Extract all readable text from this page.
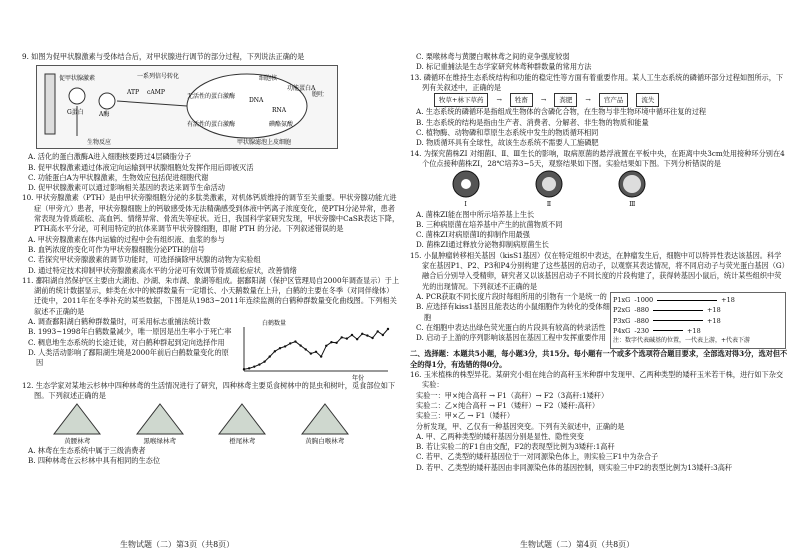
9. 如图为促甲状腺激素与受体结合后，对甲状腺进行调节的部分过程，下列说法正确的是

促甲状腺激素
G蛋白	A酶
ATP cAMP
细胞核
无活性的蛋白激酶
有活性的蛋白激酶
生物反应
RNA
DNA
一系列信号转化
甲状腺滤泡上皮细胞
碘酪氨酸
胞吐
功能蛋白A

A. 活化的蛋白激酶A进入细胞核要跨过4层磷脂分子

B. 促甲状腺激素通过体液定向运输到甲状腺细胞处发挥作用后即被灭活

C. 功能蛋白A为甲状腺激素，生物效应包括促进细胞代谢

D. 促甲状腺激素可以通过影响相关基因的表达来调节生命活动

10. 甲状旁腺激素（PTH）是由甲状旁腺细胞分泌的多肽类激素，对机体钙质维持的调节至关重要。甲状旁腺功能亢进症（甲旁亢）患者，甲状旁腺细胞上的钙敏感受体无法精确感受到体液中钙离子浓度变化，使PTH分泌异常，患者常表现为骨质疏松、高血钙、情绪异常、骨流失等症状。近日，我国科学家研究发现，甲状旁腺中CaSR表达下降，PTH高水平分泌，可利用特定的抗体来调节甲状旁腺细胞，即耐 PTH 的分泌。下列叙述错误的是

A. 甲状旁腺激素在体内运输的过程中会有组织液、血浆的参与

B. 血钙浓度的变化可作为甲状旁腺细胞分泌PTH的信号

C. 若探究甲状旁腺激素的调节功能时，可选择摘除甲状腺的动物为实验组

D. 通过特定技术抑制甲状旁腺激素高水平的分泌可有效调节骨质疏松症状，改善情绪

11. 鄱阳湖自然保护区主要由大湖池、沙湖、朱市湖、象湖等组成。据鄱阳湖（保护区管理局自2000年调查显示）于上湖前的统计数据显示，蚌类在水中的候群数量有一定增长、小天鹅数量在上升，白鹤的主要在冬季（对同伴缘体）迁徙中，2011年在冬季补充的某些数据，下图是从1983~2011年连续监测的白鹤种群数量变化曲线图。下列相关叙述不正确的是

A. 调查鄱阳湖白鹤种群数量时，可采用标志重捕法统计数

B. 1993~1998年白鹤数量减少，唯一原因是出生率小于死亡率

C. 稠息地生态系统的长途迁徙，对白鹤种群起到定向选择作用

D. 人类活动影响了鄱阳湖生境是2000年前后白鹤数量变化的原因

白鹤数量
年份

12. 生态学家对某地云杉林中四种林鸢的生活情况进行了研究，四种林鸢主要觅食树林中的昆虫和树叶，觅食部位如下图。下列叙述正确的是

黄腰林鸢	黑喉绿林鸢	橙尾林鸢	黄胸白喉林鸢

A. 林鸢在生态系统中属于三级消费者

B. 四种林鸢在云杉林中具有相同的生态位

C. 栗喉林鸢与黄腰白喉林鸢之间的竞争强度较弱

D. 标记重捕法是生态学家研究林鸢种群数量的常用方法

13. 磷循环在维持生态系统结构和功能的稳定性等方面有着重要作用。某人工生态系统的磷循环部分过程如图所示，下列有关叙述中，正确的是

牧草+林下草药	→	牲畜	→	粪肥	→	官产品	流失

A. 生态系统的磷循环是指组成生物体的含磷化合物，在生物与非生物环境中循环往复的过程

B. 生态系统的结构是指由生产者、消费者、分解者、非生物的物质和能量

C. 植物酶、动物磷和草原生态系统中发生的物质循环相同

D. 物质循环具有全球性，故该生态系统不需要人工施磷肥

14. 为探究菌株ZI 对细菌Ⅰ、Ⅱ、Ⅲ生长的影响，取病原菌的悬浮液置在平板中央，在距离中央3cm处用接种环分别在4个位点接种菌株ZI，28℃培养3~5天，观察结果如下图。实验结果如下图。下列分析错误的是

Ⅰ	Ⅱ	Ⅲ

A. 菌株ZI能在图中所示培养基上生长

B. 三种病原菌在培养基中产生的抗菌物质不同

C. 菌株ZI对病原菌Ⅰ的抑制作用最强

D. 菌株ZI通过释放分泌物抑制病原菌生长

15. 小鼠肿瘤转移相关基因（kisS1基因）仅在特定组织中表达，在肿瘤发生后，细胞中可以特异性表达该基因。科学家在基因P1、P2、P3和P4分别构建了这些基因的启动子，以观察其表达情况，将不同启动子与荧光蛋白基因（G）融合后分别导入受精卵，研究者又以该基因启动子不同长度的片段构建了，获得转基因小鼠后，统计某些组织中荧光的出现情况。下列叙述不正确的是

A. PCR获取不同长度片段时每组所用的引物有一个是统一的

B. 应选择有kiss1基因且能表达的小鼠细胞作为转化的受体细胞

C. 在细胞中表达出绿色荧光蛋白的片段具有较高的转录活性

D. 启动子上游的序列影响该基因在基因工程中发挥重要作用

P1xG -1000	+18
P2xG -880	+18
P3xG -880	+18
P4xG -230	+18
注：数字代表碱基的位置，一代表上游，+代表下游

二、选择题：本题共5小题，每小题3分，共15分。每小题有一个或多个选项符合题目要求，全部选对得3分，选对但不全的得1分，有选错的得0分。

16. 玉米植株的株型异花。某研究小组在纯合的高秆玉米种群中发现甲、乙两种类型的矮秆玉米若干株，进行如下杂交实验：

实验一：甲×纯合高秆 → F1（高秆）→ F2（3高秆:1矮秆）

实验二：乙×纯合高秆 → F1（矮秆）→ F2（矮秆:高秆）

实验三：甲×乙 → F1（矮秆）

分析发现，甲、乙仅有一种基因突变。下列有关叙述中，正确的是

A. 甲、乙两种类型的矮秆基因分别是显性、隐性突变

B. 若让实验二的F1自由交配，F2的表现型比例为3矮秆:1高秆

C. 若甲、乙类型的矮秆基因位于一对同源染色体上，则实验三F1中为杂合子

D. 若甲、乙类型的矮秆基因由非同源染色体的基因控制，则实验三中F2的表型比例为13矮秆:3高秆

生物试题（二）第3页（共8页）	生物试题（二）第4页（共8页）
